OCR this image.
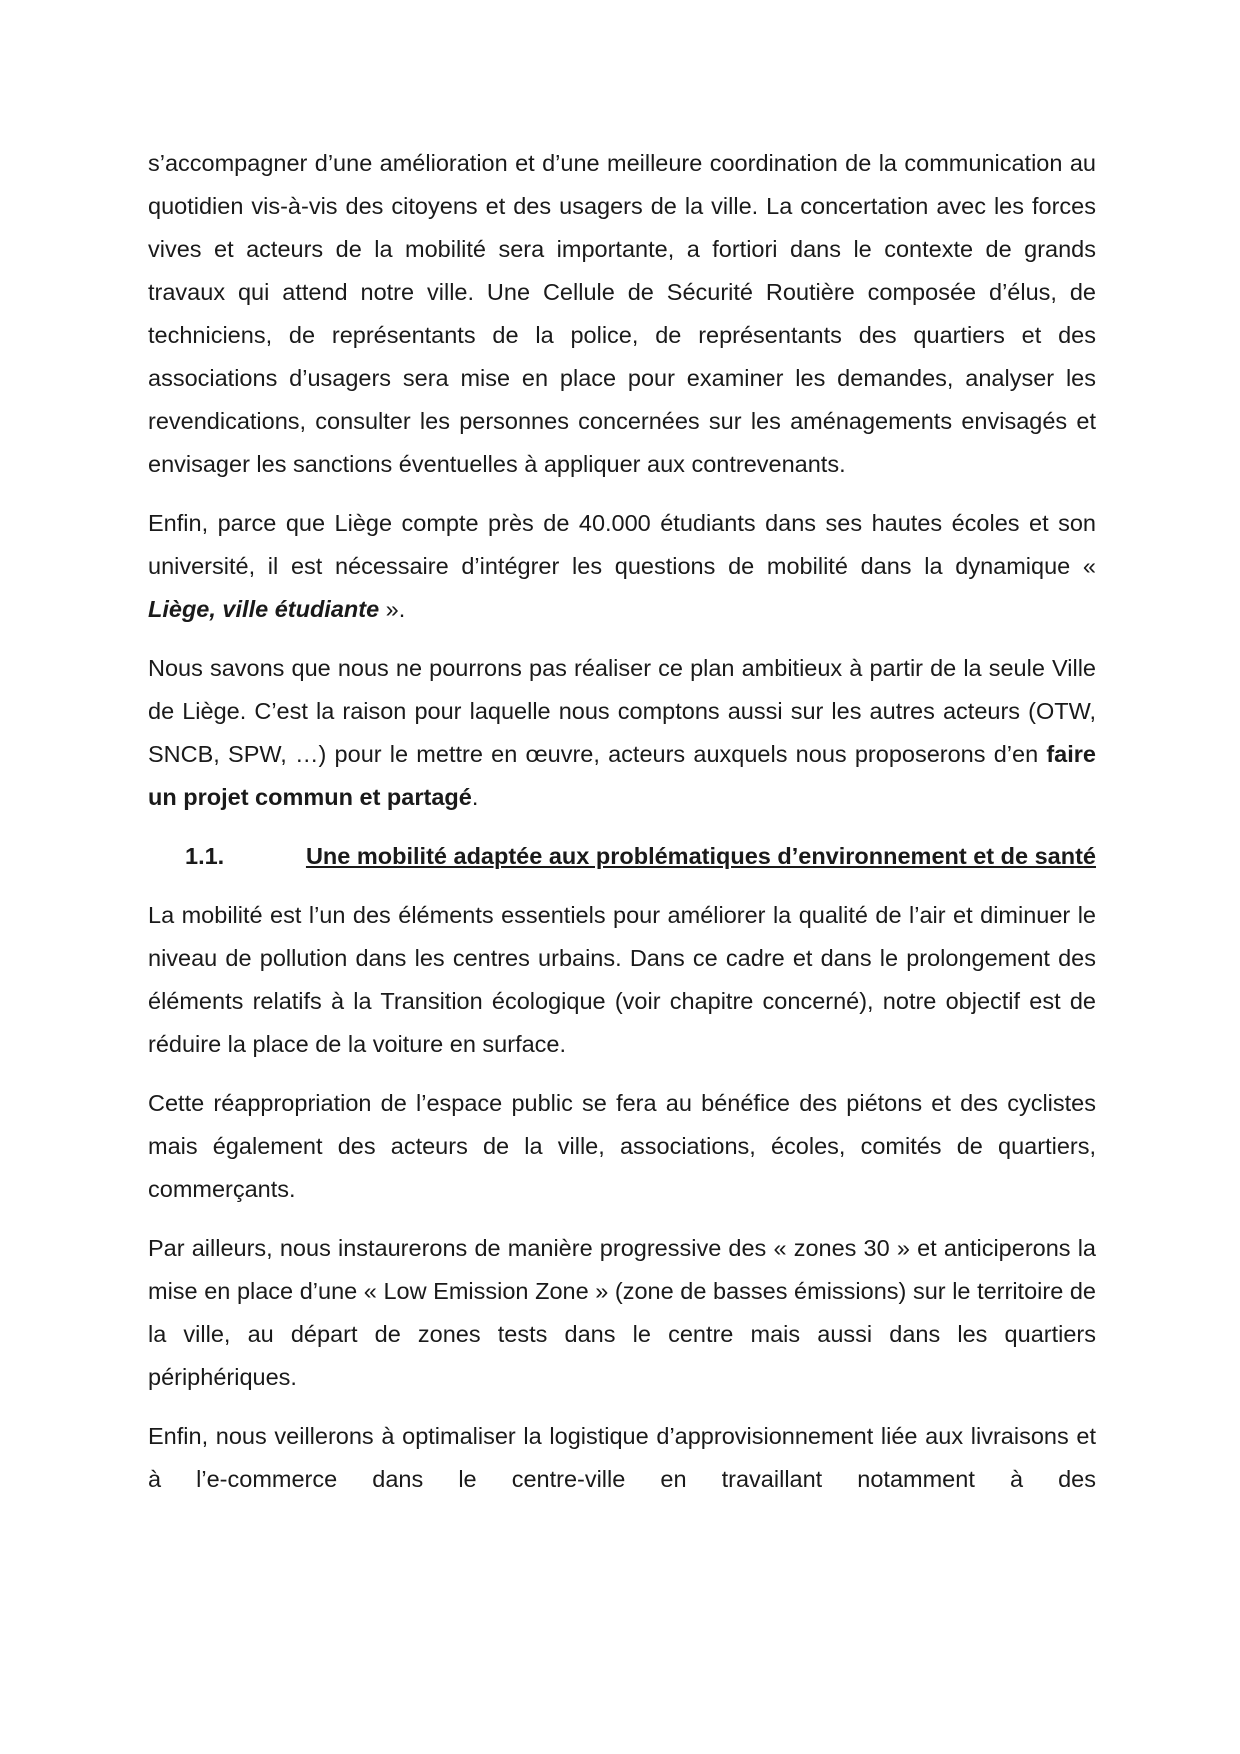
s’accompagner d’une amélioration et d’une meilleure coordination de la communication au quotidien vis-à-vis des citoyens et des usagers de la ville. La concertation avec les forces vives et acteurs de la mobilité sera importante, a fortiori dans le contexte de grands travaux qui attend notre ville. Une Cellule de Sécurité Routière composée d’élus, de techniciens, de représentants de la police, de représentants des quartiers et des associations d’usagers sera mise en place pour examiner les demandes, analyser les revendications, consulter les personnes concernées sur les aménagements envisagés et envisager les sanctions éventuelles à appliquer aux contrevenants.

Enfin, parce que Liège compte près de 40.000 étudiants dans ses hautes écoles et son université, il est nécessaire d’intégrer les questions de mobilité dans la dynamique « Liège, ville étudiante ».

Nous savons que nous ne pourrons pas réaliser ce plan ambitieux à partir de la seule Ville de Liège. C’est la raison pour laquelle nous comptons aussi sur les autres acteurs (OTW, SNCB, SPW, …) pour le mettre en œuvre, acteurs auxquels nous proposerons d’en faire un projet commun et partagé.

1.1.	Une mobilité adaptée aux problématiques d’environnement et de santé

La mobilité est l’un des éléments essentiels pour améliorer la qualité de l’air et diminuer le niveau de pollution dans les centres urbains. Dans ce cadre et dans le prolongement des éléments relatifs à la Transition écologique (voir chapitre concerné), notre objectif est de réduire la place de la voiture en surface.

Cette réappropriation de l’espace public se fera au bénéfice des piétons et des cyclistes mais également des acteurs de la ville, associations, écoles, comités de quartiers, commerçants.

Par ailleurs, nous instaurerons de manière progressive des « zones 30 » et anticiperons la mise en place d’une « Low Emission Zone » (zone de basses émissions) sur le territoire de la ville, au départ de zones tests dans le centre mais aussi dans les quartiers périphériques.

Enfin, nous veillerons à optimaliser la logistique d’approvisionnement liée aux livraisons et à l’e-commerce dans le centre-ville en travaillant notamment à des
